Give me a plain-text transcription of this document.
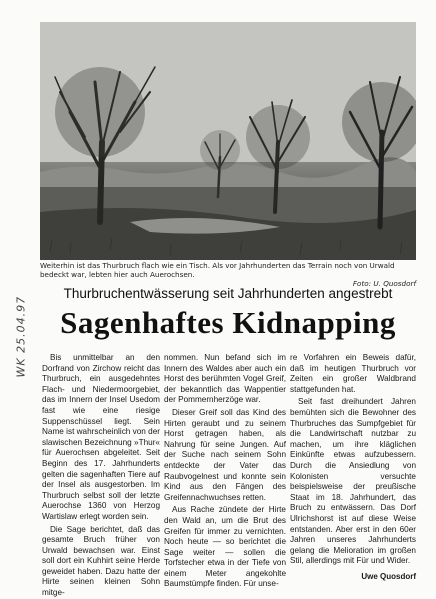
Weiterhin ist das Thurbruch flach wie ein Tisch. Als vor Jahrhunderten das Terrain noch von Urwald bedeckt war, lebten hier auch Auerochsen.
Foto: U. Quosdorf
WK 25.04.97
Thurbruchentwässerung seit Jahrhunderten angestrebt
Sagenhaftes Kidnapping

Bis unmittelbar an den Dorfrand von Zirchow reicht das Thurbruch, ein ausgedehntes Flach- und Niedermoorgebiet, das im Innern der Insel Usedom fast wie eine riesige Suppenschüssel liegt. Sein Name ist wahrscheinlich von der slawischen Bezeichnung »Thur« für Auerochsen abgeleitet. Seit Beginn des 17. Jahrhunderts gelten die sagenhaften Tiere auf der Insel als ausgestorben. Im Thurbruch selbst soll der letzte Auerochse 1360 von Herzog Wartislaw erlegt worden sein.

Die Sage berichtet, daß das gesamte Bruch früher von Urwald bewachsen war. Einst soll dort ein Kuhhirt seine Herde geweidet haben. Dazu hatte der Hirte seinen kleinen Sohn mitge-

nommen. Nun befand sich im Innern des Waldes aber auch ein Horst des berühmten Vogel Greif, der bekanntlich das Wappentier der Pommernherzöge war.

Dieser Greif soll das Kind des Hirten geraubt und zu seinem Horst getragen haben, als Nahrung für seine Jungen. Auf der Suche nach seinem Sohn entdeckte der Vater das Raubvogelnest und konnte sein Kind aus den Fängen des Greifennachwuchses retten.

Aus Rache zündete der Hirte den Wald an, um die Brut des Greifen für immer zu vernichten. Noch heute — so berichtet die Sage weiter — sollen die Torfstecher etwa in der Tiefe von einem Meter angekohlte Baumstümpfe finden. Für unse-

re Vorfahren ein Beweis dafür, daß im heutigen Thurbruch vor Zeiten ein großer Waldbrand stattgefunden hat.

Seit fast dreihundert Jahren bemühten sich die Bewohner des Thurbruches das Sumpfgebiet für die Landwirtschaft nutzbar zu machen, um ihre kläglichen Einkünfte etwas aufzubessern. Durch die Ansiedlung von Kolonisten versuchte beispielsweise der preußische Staat im 18. Jahrhundert, das Bruch zu entwässern. Das Dorf Ulrichshorst ist auf diese Weise entstanden. Aber erst in den 60er Jahren unseres Jahrhunderts gelang die Melioration im großen Stil, allerdings mit Für und Wider.

Uwe Quosdorf
